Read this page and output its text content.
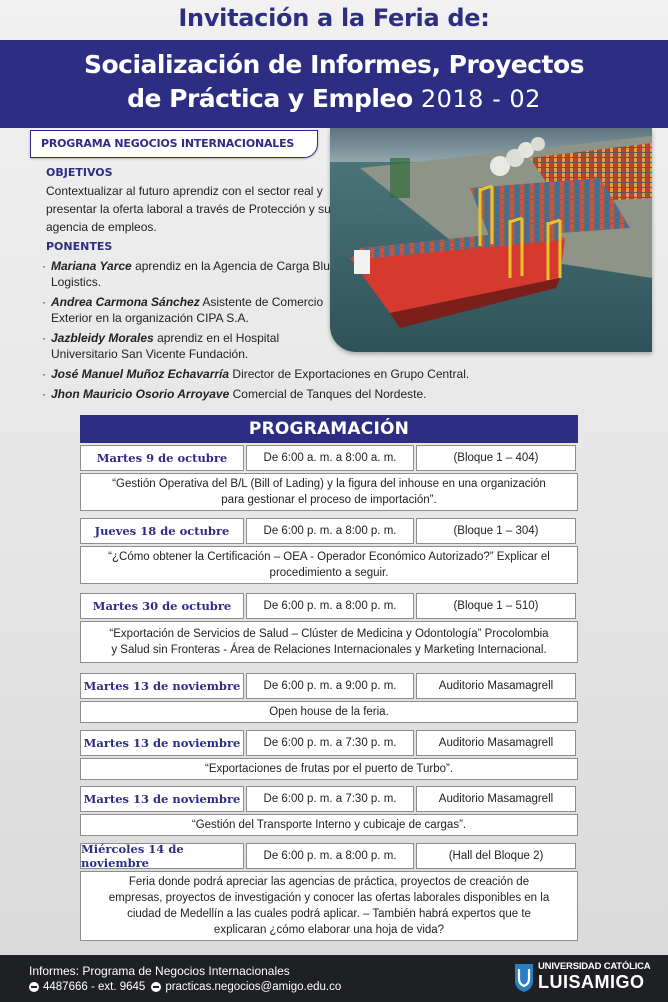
Invitación a la Feria de:
Socialización de Informes, Proyectos
de Práctica y Empleo 2018 - 02
PROGRAMA NEGOCIOS INTERNACIONALES
OBJETIVOS
Contextualizar al futuro aprendiz con el sector real y presentar la oferta laboral a través de Protección y su agencia de empleos.
PONENTES
· Mariana Yarce aprendiz en la Agencia de Carga Blu Logistics.
· Andrea Carmona Sánchez Asistente de Comercio Exterior en la organización CIPA S.A.
· Jazbleidy Morales aprendiz en el Hospital Universitario San Vicente Fundación.
· José Manuel Muñoz Echavarría Director de Exportaciones en Grupo Central.
· Jhon Mauricio Osorio Arroyave Comercial de Tanques del Nordeste.
PROGRAMACIÓN
Martes 9 de octubre	De 6:00 a. m. a 8:00 a. m.	(Bloque 1 – 404)
“Gestión Operativa del B/L (Bill of Lading) y la figura del inhouse en una organización para gestionar el proceso de importación”.
Jueves 18 de octubre	De 6:00 p. m. a 8:00 p. m.	(Bloque 1 – 304)
“¿Cómo obtener la Certificación – OEA - Operador Económico Autorizado?” Explicar el procedimiento a seguir.
Martes 30 de octubre	De 6:00 p. m. a 8:00 p. m.	(Bloque 1 – 510)
“Exportación de Servicios de Salud – Clúster de Medicina y Odontología” Procolombia y Salud sin Fronteras - Área de Relaciones Internacionales y Marketing Internacional.
Martes 13 de noviembre	De 6:00 p. m. a 9:00 p. m.	Auditorio Masamagrell
Open house de la feria.
Martes 13 de noviembre	De 6:00 p. m. a 7:30 p. m.	Auditorio Masamagrell
“Exportaciones de frutas por el puerto de Turbo”.
Martes 13 de noviembre	De 6:00 p. m. a 7:30 p. m.	Auditorio Masamagrell
“Gestión del Transporte Interno y cubicaje de cargas”.
Miércoles 14 de noviembre	De 6:00 p. m. a 8:00 p. m.	(Hall del Bloque 2)
Feria donde podrá apreciar las agencias de práctica, proyectos de creación de empresas, proyectos de investigación y conocer las ofertas laborales disponibles en la ciudad de Medellín a las cuales podrá aplicar. – También habrá expertos que te explicaran ¿cómo elaborar una hoja de vida?
Informes: Programa de Negocios Internacionales
4487666 - ext. 9645 practicas.negocios@amigo.edu.co
UNIVERSIDAD CATÓLICA
LUISAMIGO
